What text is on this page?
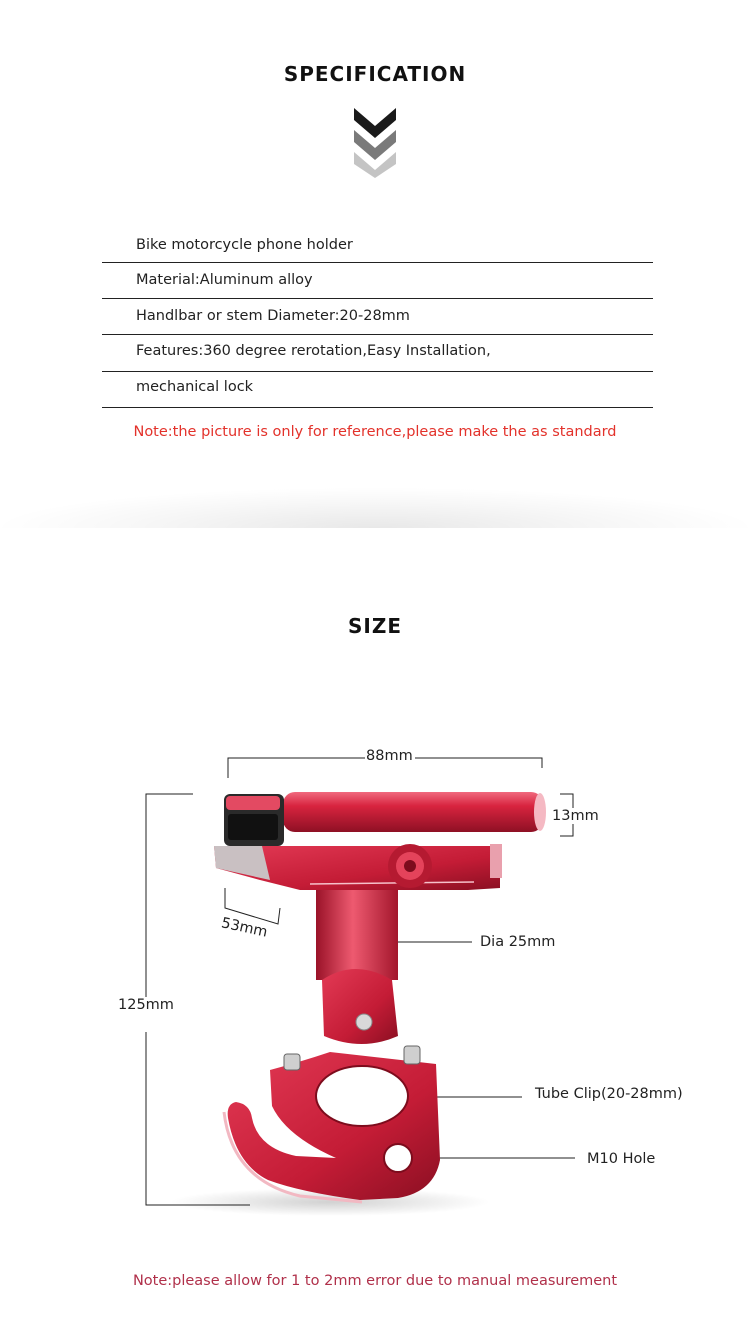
SPECIFICATION
Bike motorcycle phone holder
Material:Aluminum alloy
Handlbar or stem Diameter:20-28mm
Features:360 degree rerotation,Easy Installation,
mechanical lock
Note:the picture is only for reference,please make the as standard
SIZE
88mm
13mm
53mm
125mm
Dia 25mm
Tube Clip(20-28mm)
M10 Hole
Note:please allow for 1 to 2mm error due to manual measurement
